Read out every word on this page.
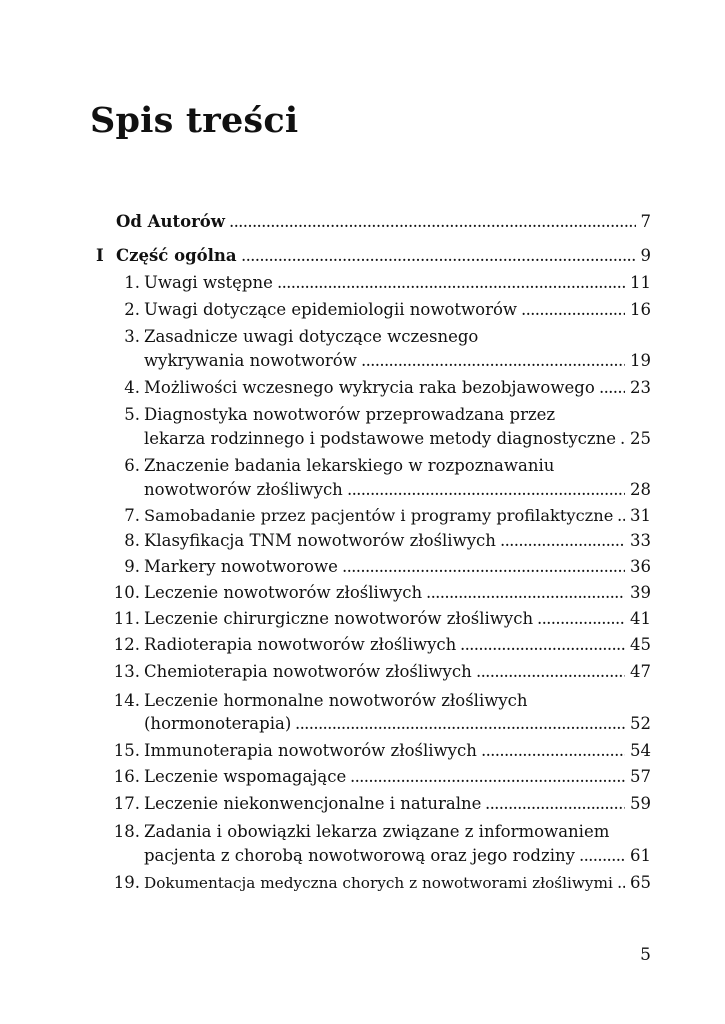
Spis treści
Od Autorów	7
. . .
I Część ogólna	9
. . .
1. Uwagi wstępne	11
. . .
2. Uwagi dotyczące epidemiologii nowotworów	16
. . .
3. Zasadnicze uwagi dotyczące wczesnego
wykrywania nowotworów	19
. . .
4. Możliwości wczesnego wykrycia raka bezobjawowego 23
. . .
5. Diagnostyka nowotworów przeprowadzana przez
lekarza rodzinnego i podstawowe metody diagnostyczne 25
. . .
6. Znaczenie badania lekarskiego w rozpoznawaniu
nowotworów złośliwych	28
. . .
7. Samobadanie przez pacjentów i programy profilaktyczne 31
. . .
8. Klasyfikacja TNM nowotworów złośliwych	33
. . .
9. Markery nowotworowe	36
. . .
10. Leczenie nowotworów złośliwych	39
. . .
11. Leczenie chirurgiczne nowotworów złośliwych	41
. . .
12. Radioterapia nowotworów złośliwych	45
. . .
13. Chemioterapia nowotworów złośliwych	47
. . .
14. Leczenie hormonalne nowotworów złośliwych
(hormonoterapia)	52
. . .
15. Immunoterapia nowotworów złośliwych	54
. . .
16. Leczenie wspomagające	57
. . .
17. Leczenie niekonwencjonalne i naturalne	59
. . .
18. Zadania i obowiązki lekarza związane z informowaniem
pacjenta z chorobą nowotworową oraz jego rodziny	61
. . .
19. Dokumentacja medyczna chorych z nowotworami złośliwymi 65
. . .
5
